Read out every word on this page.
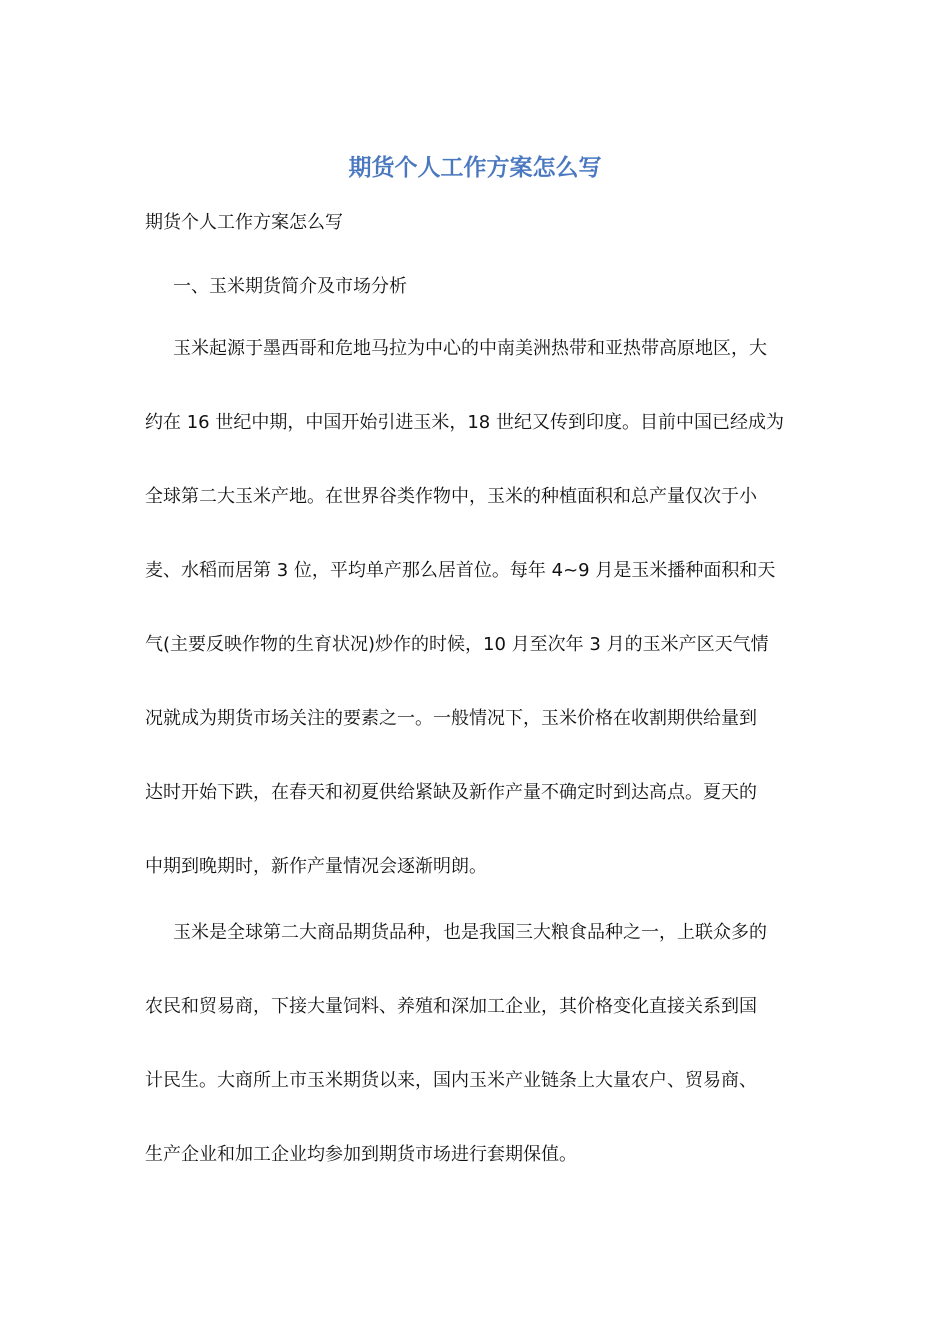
期货个人工作方案怎么写

期货个人工作方案怎么写

一、玉米期货简介及市场分析

玉米起源于墨西哥和危地马拉为中心的中南美洲热带和亚热带高原地区，大
约在 16 世纪中期，中国开始引进玉米，18 世纪又传到印度。目前中国已经成为
全球第二大玉米产地。在世界谷类作物中，玉米的种植面积和总产量仅次于小
麦、水稻而居第 3 位，平均单产那么居首位。每年 4~9 月是玉米播种面积和天
气(主要反映作物的生育状况)炒作的时候，10 月至次年 3 月的玉米产区天气情
况就成为期货市场关注的要素之一。一般情况下，玉米价格在收割期供给量到
达时开始下跌，在春天和初夏供给紧缺及新作产量不确定时到达高点。夏天的
中期到晚期时，新作产量情况会逐渐明朗。
玉米是全球第二大商品期货品种，也是我国三大粮食品种之一，上联众多的
农民和贸易商，下接大量饲料、养殖和深加工企业，其价格变化直接关系到国
计民生。大商所上市玉米期货以来，国内玉米产业链条上大量农户、贸易商、
生产企业和加工企业均参加到期货市场进行套期保值。
